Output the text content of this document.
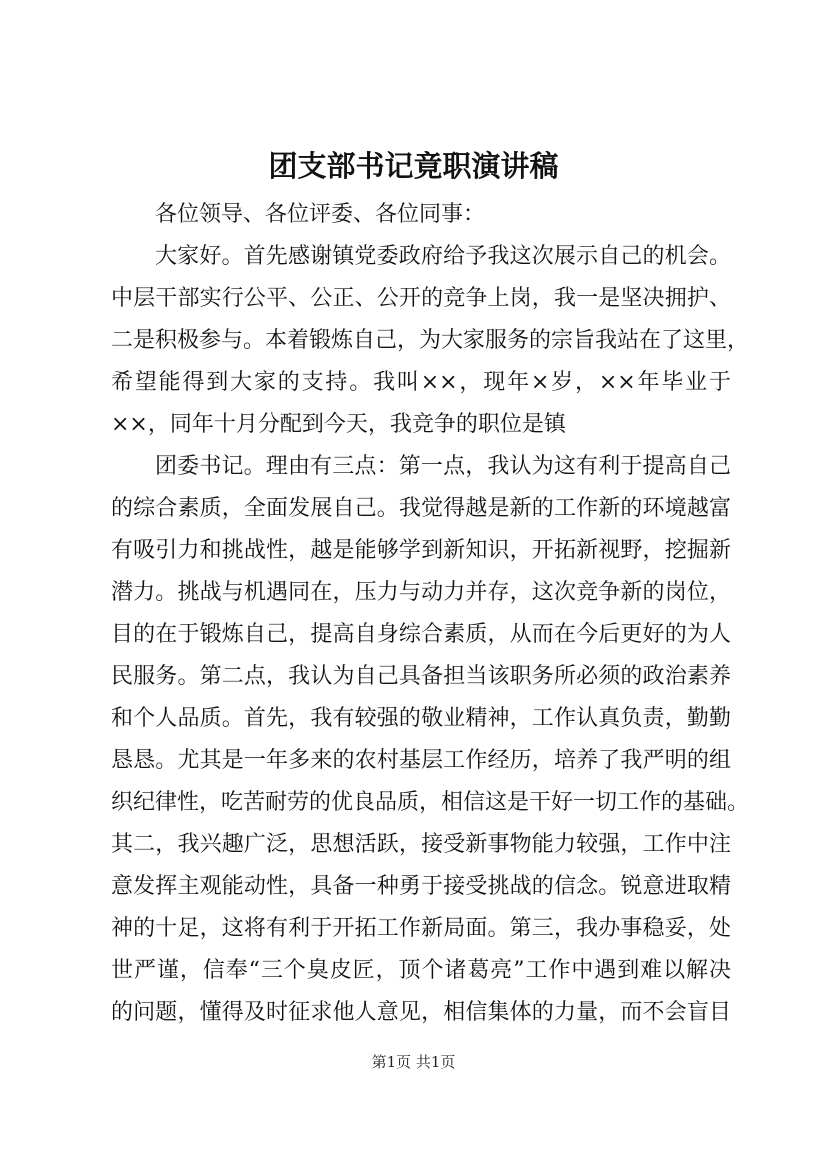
团支部书记竟职演讲稿
各位领导、各位评委、各位同事：
大家好。首先感谢镇党委政府给予我这次展示自己的机会。
中层干部实行公平、公正、公开的竞争上岗，我一是坚决拥护、
二是积极参与。本着锻炼自己，为大家服务的宗旨我站在了这里，
希望能得到大家的支持。我叫××，现年×岁，××年毕业于
××，同年十月分配到今天，我竞争的职位是镇
团委书记。理由有三点：第一点，我认为这有利于提高自己
的综合素质，全面发展自己。我觉得越是新的工作新的环境越富
有吸引力和挑战性，越是能够学到新知识，开拓新视野，挖掘新
潜力。挑战与机遇同在，压力与动力并存，这次竞争新的岗位，
目的在于锻炼自己，提高自身综合素质，从而在今后更好的为人
民服务。第二点，我认为自己具备担当该职务所必须的政治素养
和个人品质。首先，我有较强的敬业精神，工作认真负责，勤勤
恳恳。尤其是一年多来的农村基层工作经历，培养了我严明的组
织纪律性，吃苦耐劳的优良品质，相信这是干好一切工作的基础。
其二，我兴趣广泛，思想活跃，接受新事物能力较强，工作中注
意发挥主观能动性，具备一种勇于接受挑战的信念。锐意进取精
神的十足，这将有利于开拓工作新局面。第三，我办事稳妥，处
世严谨，信奉“三个臭皮匠，顶个诸葛亮”工作中遇到难以解决
的问题，懂得及时征求他人意见，相信集体的力量，而不会盲目
第1页 共1页
